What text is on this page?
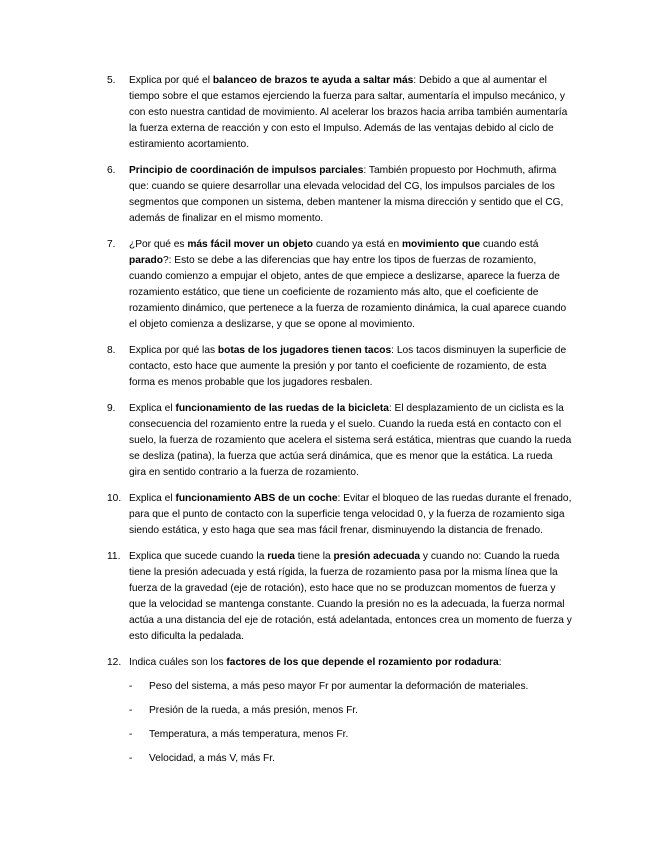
5. Explica por qué el balanceo de brazos te ayuda a saltar más: Debido a que al aumentar el tiempo sobre el que estamos ejerciendo la fuerza para saltar, aumentaría el impulso mecánico, y con esto nuestra cantidad de movimiento. Al acelerar los brazos hacia arriba también aumentaría la fuerza externa de reacción y con esto el Impulso. Además de las ventajas debido al ciclo de estiramiento acortamiento.
6. Principio de coordinación de impulsos parciales: También propuesto por Hochmuth, afirma que: cuando se quiere desarrollar una elevada velocidad del CG, los impulsos parciales de los segmentos que componen un sistema, deben mantener la misma dirección y sentido que el CG, además de finalizar en el mismo momento.
7. ¿Por qué es más fácil mover un objeto cuando ya está en movimiento que cuando está parado?: Esto se debe a las diferencias que hay entre los tipos de fuerzas de rozamiento, cuando comienzo a empujar el objeto, antes de que empiece a deslizarse, aparece la fuerza de rozamiento estático, que tiene un coeficiente de rozamiento más alto, que el coeficiente de rozamiento dinámico, que pertenece a la fuerza de rozamiento dinámica, la cual aparece cuando el objeto comienza a deslizarse, y que se opone al movimiento.
8. Explica por qué las botas de los jugadores tienen tacos: Los tacos disminuyen la superficie de contacto, esto hace que aumente la presión y por tanto el coeficiente de rozamiento, de esta forma es menos probable que los jugadores resbalen.
9. Explica el funcionamiento de las ruedas de la bicicleta: El desplazamiento de un ciclista es la consecuencia del rozamiento entre la rueda y el suelo. Cuando la rueda está en contacto con el suelo, la fuerza de rozamiento que acelera el sistema será estática, mientras que cuando la rueda se desliza (patina), la fuerza que actúa será dinámica, que es menor que la estática. La rueda gira en sentido contrario a la fuerza de rozamiento.
10. Explica el funcionamiento ABS de un coche: Evitar el bloqueo de las ruedas durante el frenado, para que el punto de contacto con la superficie tenga velocidad 0, y la fuerza de rozamiento siga siendo estática, y esto haga que sea mas fácil frenar, disminuyendo la distancia de frenado.
11. Explica que sucede cuando la rueda tiene la presión adecuada y cuando no: Cuando la rueda tiene la presión adecuada y está rígida, la fuerza de rozamiento pasa por la misma línea que la fuerza de la gravedad (eje de rotación), esto hace que no se produzcan momentos de fuerza y que la velocidad se mantenga constante. Cuando la presión no es la adecuada, la fuerza normal actúa a una distancia del eje de rotación, está adelantada, entonces crea un momento de fuerza y esto dificulta la pedalada.
12. Indica cuáles son los factores de los que depende el rozamiento por rodadura:
- Peso del sistema, a más peso mayor Fr por aumentar la deformación de materiales.
- Presión de la rueda, a más presión, menos Fr.
- Temperatura, a más temperatura, menos Fr.
- Velocidad, a más V, más Fr.
